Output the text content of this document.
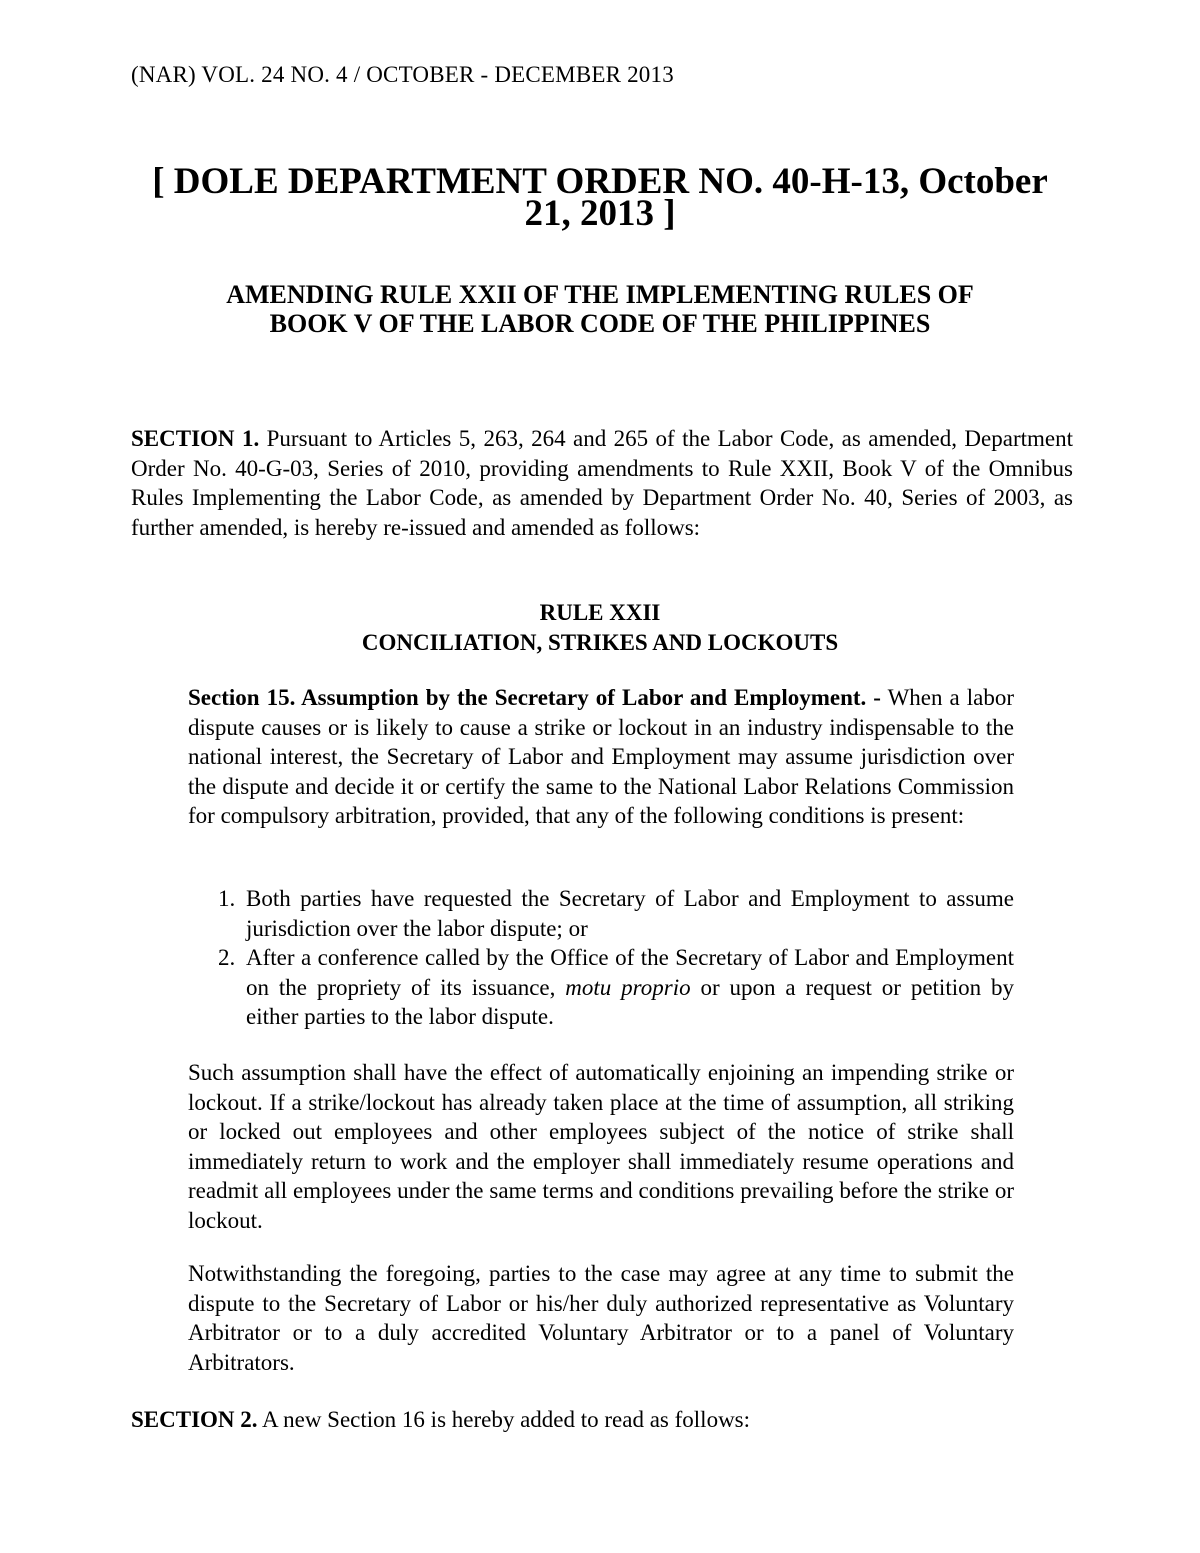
(NAR) VOL. 24 NO. 4 / OCTOBER - DECEMBER 2013
[ DOLE DEPARTMENT ORDER NO. 40-H-13, October
21, 2013 ]
AMENDING RULE XXII OF THE IMPLEMENTING RULES OF
BOOK V OF THE LABOR CODE OF THE PHILIPPINES

SECTION 1. Pursuant to Articles 5, 263, 264 and 265 of the Labor Code, as amended, Department Order No. 40-G-03, Series of 2010, providing amendments to Rule XXII, Book V of the Omnibus Rules Implementing the Labor Code, as amended by Department Order No. 40, Series of 2003, as further amended, is hereby re-issued and amended as follows:

RULE XXII
CONCILIATION, STRIKES AND LOCKOUTS

Section 15. Assumption by the Secretary of Labor and Employment. - When a labor dispute causes or is likely to cause a strike or lockout in an industry indispensable to the national interest, the Secretary of Labor and Employment may assume jurisdiction over the dispute and decide it or certify the same to the National Labor Relations Commission for compulsory arbitration, provided, that any of the following conditions is present:

1. Both parties have requested the Secretary of Labor and Employment to assume jurisdiction over the labor dispute; or
2. After a conference called by the Office of the Secretary of Labor and Employment on the propriety of its issuance, motu proprio or upon a request or petition by either parties to the labor dispute.

Such assumption shall have the effect of automatically enjoining an impending strike or lockout. If a strike/lockout has already taken place at the time of assumption, all striking or locked out employees and other employees subject of the notice of strike shall immediately return to work and the employer shall immediately resume operations and readmit all employees under the same terms and conditions prevailing before the strike or lockout.

Notwithstanding the foregoing, parties to the case may agree at any time to submit the dispute to the Secretary of Labor or his/her duly authorized representative as Voluntary Arbitrator or to a duly accredited Voluntary Arbitrator or to a panel of Voluntary Arbitrators.

SECTION 2. A new Section 16 is hereby added to read as follows:
